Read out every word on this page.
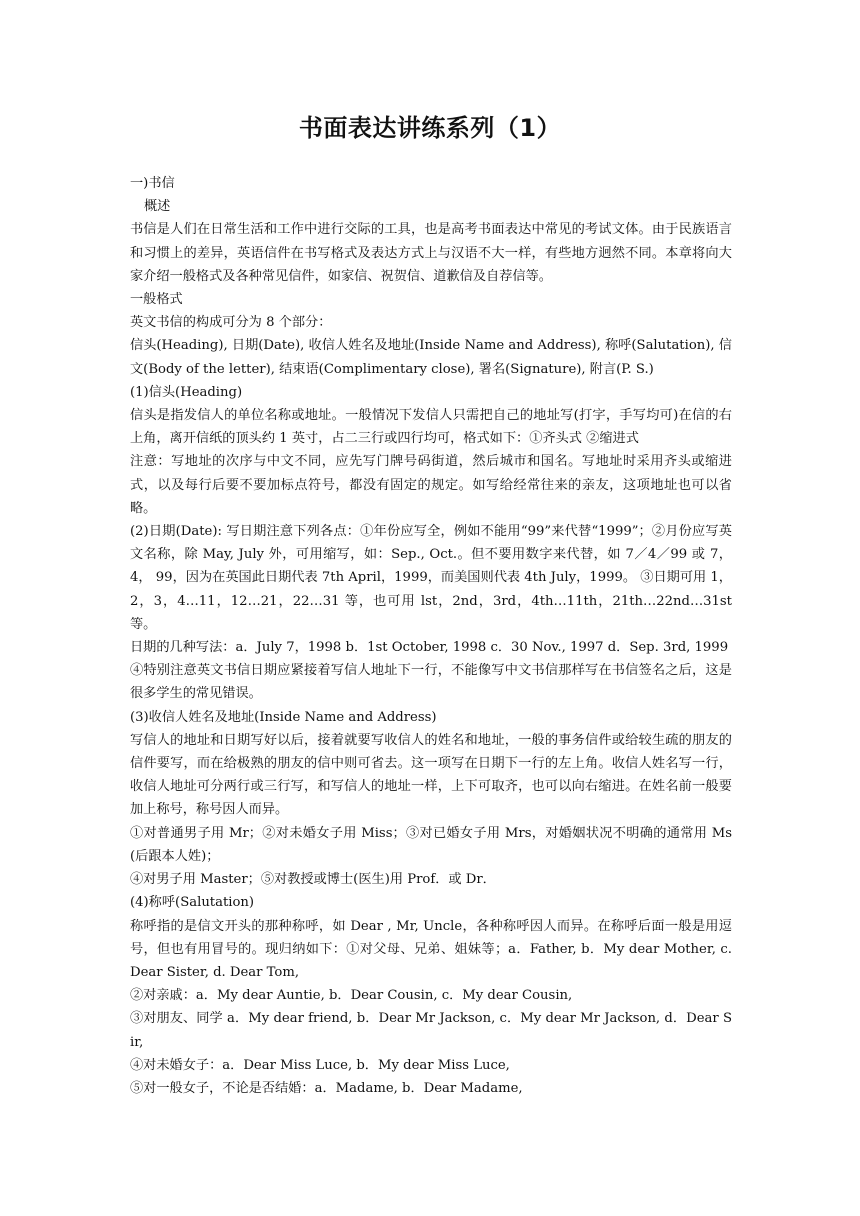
书面表达讲练系列（1）

一)书信

概述

书信是人们在日常生活和工作中进行交际的工具，也是高考书面表达中常见的考试文体。由于民族语言和习惯上的差异，英语信件在书写格式及表达方式上与汉语不大一样，有些地方迥然不同。本章将向大家介绍一般格式及各种常见信件，如家信、祝贺信、道歉信及自荐信等。

一般格式

英文书信的构成可分为 8 个部分：

信头(Heading), 日期(Date), 收信人姓名及地址(Inside Name and Address), 称呼(Salutation), 信文(Body of the letter), 结束语(Complimentary close), 署名(Signature), 附言(P. S.)

(1)信头(Heading)

信头是指发信人的单位名称或地址。一般情况下发信人只需把自己的地址写(打字，手写均可)在信的右上角，离开信纸的顶头约 1 英寸，占二三行或四行均可，格式如下：①齐头式 ②缩进式

注意：写地址的次序与中文不同，应先写门牌号码街道，然后城市和国名。写地址时采用齐头或缩进式，以及每行后要不要加标点符号，都没有固定的规定。如写给经常往来的亲友，这项地址也可以省略。

(2)日期(Date): 写日期注意下列各点：①年份应写全，例如不能用“99”来代替“1999”；②月份应写英文名称，除 May, July 外，可用缩写，如：Sep., Oct.。但不要用数字来代替，如 7／4／99 或 7， 4， 99，因为在英国此日期代表 7th April，1999，而美国则代表 4th July，1999。 ③日期可用 1，2，3，4…11，12…21，22…31 等，也可用 lst，2nd，3rd，4th…11th，21th…22nd…31st 等。

日期的几种写法：a．July 7，1998 b．1st October, 1998 c．30 Nov., 1997 d．Sep. 3rd, 1999

④特别注意英文书信日期应紧接着写信人地址下一行，不能像写中文书信那样写在书信签名之后，这是很多学生的常见错误。

(3)收信人姓名及地址(Inside Name and Address)

写信人的地址和日期写好以后，接着就要写收信人的姓名和地址，一般的事务信件或给较生疏的朋友的信件要写，而在给极熟的朋友的信中则可省去。这一项写在日期下一行的左上角。收信人姓名写一行，收信人地址可分两行或三行写，和写信人的地址一样，上下可取齐，也可以向右缩进。在姓名前一般要加上称号，称号因人而异。

①对普通男子用 Mr；②对未婚女子用 Miss；③对已婚女子用 Mrs，对婚姻状况不明确的通常用 Ms(后跟本人姓)；

④对男子用 Master；⑤对教授或博士(医生)用 Prof．或 Dr．

(4)称呼(Salutation)

称呼指的是信文开头的那种称呼，如 Dear , Mr, Uncle，各种称呼因人而异。在称呼后面一般是用逗号，但也有用冒号的。现归纳如下：①对父母、兄弟、姐妹等；a．Father, b．My dear Mother, c. Dear Sister, d. Dear Tom,

②对亲戚：a．My dear Auntie, b．Dear Cousin, c．My dear Cousin,

③对朋友、同学 a．My dear friend, b．Dear Mr Jackson, c．My dear Mr Jackson, d．Dear Sir,

④对未婚女子：a．Dear Miss Luce, b．My dear Miss Luce,

⑤对一般女子，不论是否结婚：a．Madame, b．Dear Madame,
